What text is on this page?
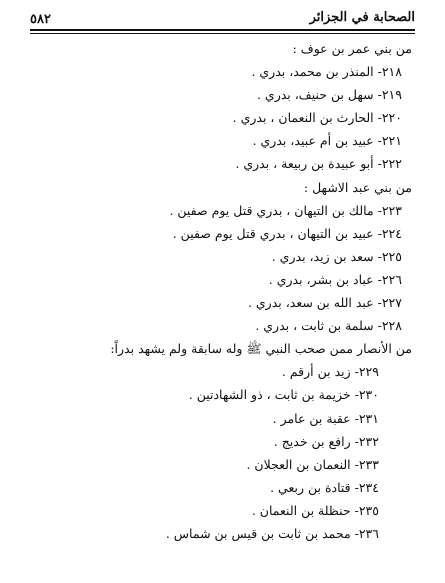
٥٨٢	الصحابة في الجزائر
من بني عمر بن عوف :
٢١٨- المنذر بن محمد، بدري .
٢١٩- سهل بن حنيف، بدري .
٢٢٠- الحارث بن النعمان ، بدري .
٢٢١- عبيد بن أم عبيد، بدري .
٢٢٢- أبو عبيدة بن ربيعة ، بدري .
من بني عبد الاشهل :
٢٢٣- مالك بن التيهان ، بدري قتل يوم صفين .
٢٢٤- عبيد بن التيهان ، بدري قتل يوم صفين .
٢٢٥- سعد بن زيد، بدري .
٢٢٦- عباد بن بشر، بدري .
٢٢٧- عبد الله بن سعد، بدري .
٢٢٨- سلمة بن ثابت ، بدري .
من الأنصار ممن صحب النبي ﷺ وله سابقة ولم يشهد بدراً:
٢٢٩- زيد بن أرقم .
٢٣٠- خزيمة بن ثابت ، ذو الشهادتين .
٢٣١- عقبة بن عامر .
٢٣٢- رافع بن خديج .
٢٣٣- النعمان بن العجلان .
٢٣٤- قتادة بن ربعي .
٢٣٥- حنظلة بن النعمان .
٢٣٦- محمد بن ثابت بن قيس بن شماس .
